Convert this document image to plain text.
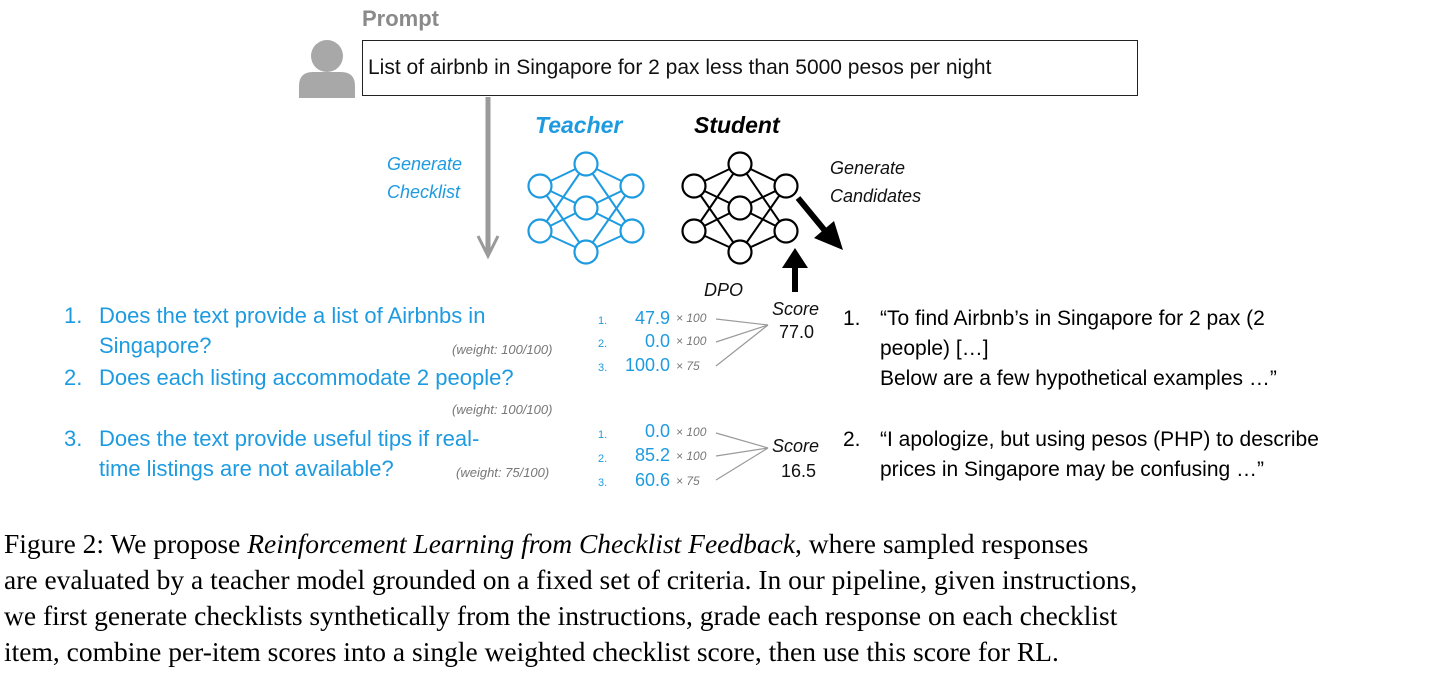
Prompt
List of airbnb in Singapore for 2 pax less than 5000 pesos per night
Teacher	Student
Generate
Checklist
Generate
Candidates
DPO
1. Does the text provide a list of Airbnbs in
Singapore?	(weight: 100/100)
2. Does each listing accommodate 2 people?
(weight: 100/100)
3. Does the text provide useful tips if real-
time listings are not available?	(weight: 75/100)
1.	47.9 × 100
2.	0.0 × 100
3. 100.0 × 75
1.	0.0 × 100
2.	85.2 × 100
3.	60.6 × 75
Score
77.0
Score
16.5
1. “To find Airbnb’s in Singapore for 2 pax (2
people) […]
Below are a few hypothetical examples …”
2. “I apologize, but using pesos (PHP) to describe
prices in Singapore may be confusing …”
Figure 2: We propose Reinforcement Learning from Checklist Feedback, where sampled responses
are evaluated by a teacher model grounded on a fixed set of criteria. In our pipeline, given instructions,
we first generate checklists synthetically from the instructions, grade each response on each checklist
item, combine per-item scores into a single weighted checklist score, then use this score for RL.
